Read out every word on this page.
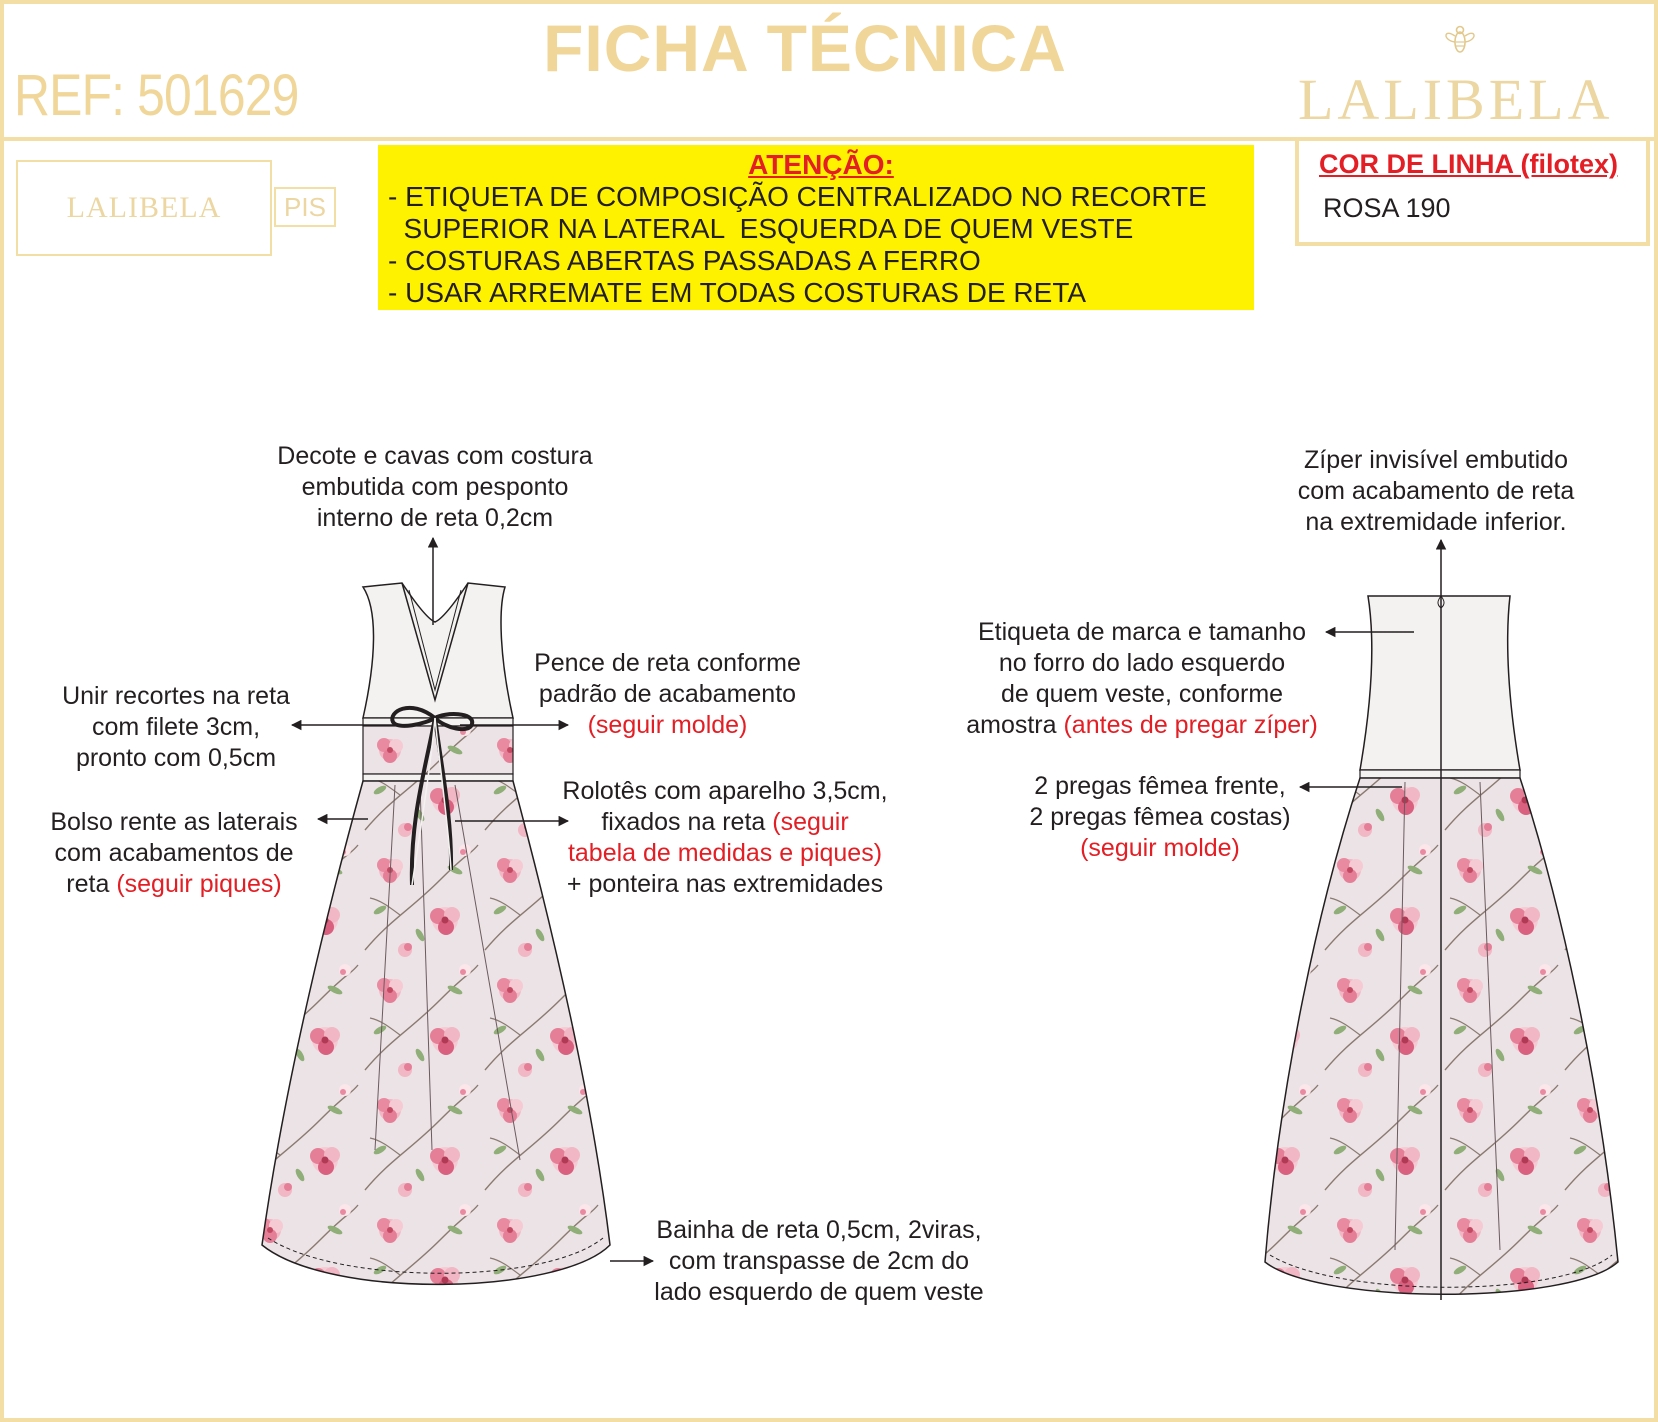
REF: 501629
FICHA TÉCNICA
LALIBELA
LALIBELA	PIS
ATENÇÃO:
- ETIQUETA DE COMPOSIÇÃO CENTRALIZADO NO RECORTE
SUPERIOR NA LATERAL  ESQUERDA DE QUEM VESTE
- COSTURAS ABERTAS PASSADAS A FERRO
- USAR ARREMATE EM TODAS COSTURAS DE RETA
COR DE LINHA (filotex)
ROSA 190
Decote e cavas com costura
embutida com pesponto
interno de reta 0,2cm
Pence de reta conforme
padrão de acabamento
(seguir molde)
Unir recortes na reta
com filete 3cm,
pronto com 0,5cm
Bolso rente as laterais
com acabamentos de
reta (seguir piques)
Rolotês com aparelho 3,5cm,
fixados na reta (seguir
tabela de medidas e piques)
+ ponteira nas extremidades
Bainha de reta 0,5cm, 2viras,
com transpasse de 2cm do
lado esquerdo de quem veste
Zíper invisível embutido
com acabamento de reta
na extremidade inferior.
Etiqueta de marca e tamanho
no forro do lado esquerdo
de quem veste, conforme
amostra (antes de pregar zíper)
2 pregas fêmea frente,
2 pregas fêmea costas)
(seguir molde)
